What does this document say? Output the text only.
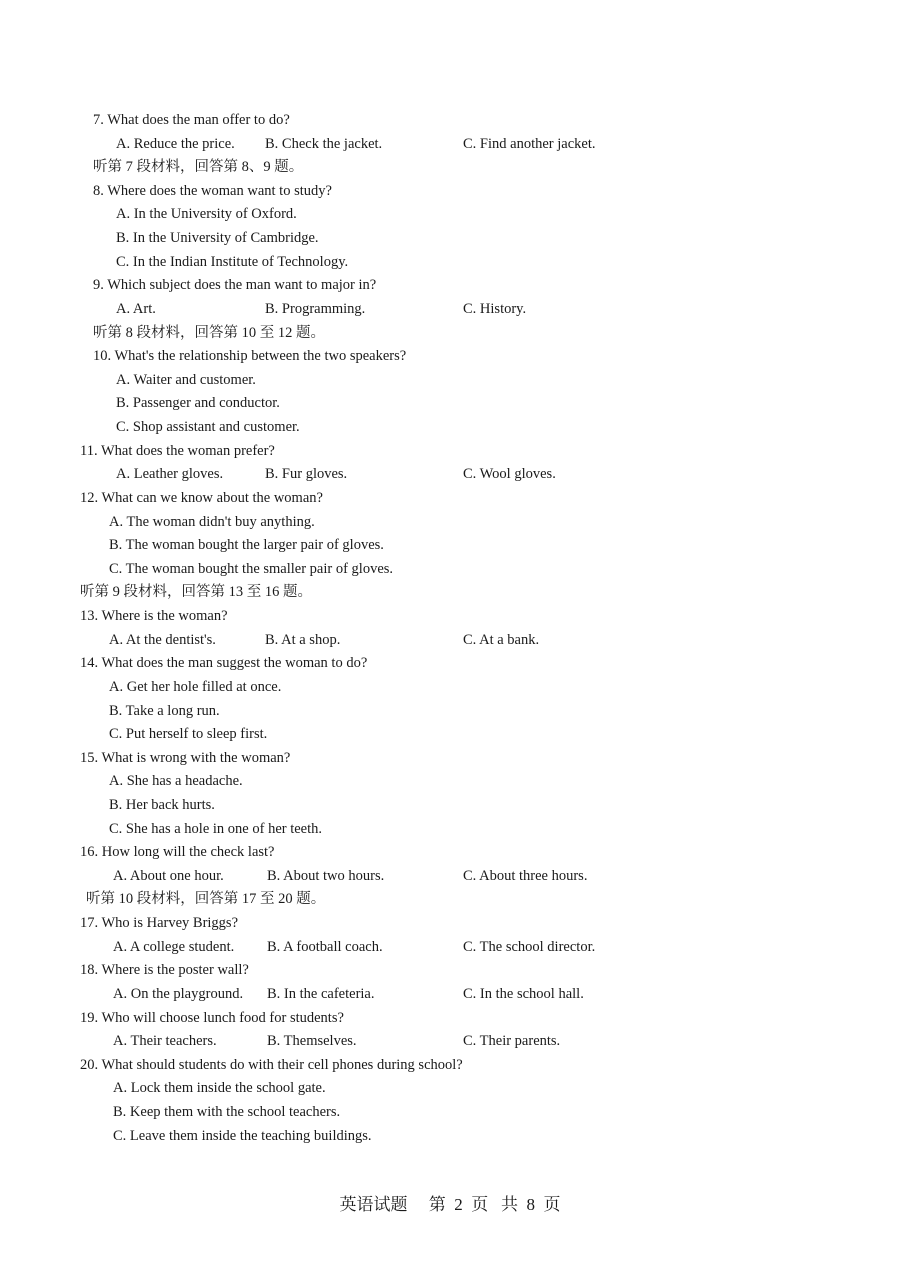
7. What does the man offer to do?
A. Reduce the price. B. Check the jacket.	C. Find another jacket.
听第 7 段材料，回答第 8、9 题。
8. Where does the woman want to study?
A. In the University of Oxford.
B. In the University of Cambridge.
C. In the Indian Institute of Technology.
9. Which subject does the man want to major in?
A. Art.	B. Programming.	C. History.
听第 8 段材料，回答第 10 至 12 题。
10. What's the relationship between the two speakers?
A. Waiter and customer.
B. Passenger and conductor.
C. Shop assistant and customer.
11. What does the woman prefer?
A. Leather gloves.	B. Fur gloves.	C. Wool gloves.
12. What can we know about the woman?
A. The woman didn't buy anything.
B. The woman bought the larger pair of gloves.
C. The woman bought the smaller pair of gloves.
听第 9 段材料，回答第 13 至 16 题。
13. Where is the woman?
A. At the dentist's.	B. At a shop.	C. At a bank.
14. What does the man suggest the woman to do?
A. Get her hole filled at once.
B. Take a long run.
C. Put herself to sleep first.
15. What is wrong with the woman?
A. She has a headache.
B. Her back hurts.
C. She has a hole in one of her teeth.
16. How long will the check last?
A. About one hour.	B. About two hours.	C. About three hours.
听第 10 段材料，回答第 17 至 20 题。
17. Who is Harvey Briggs?
A. A college student. B. A football coach.	C. The school director.
18. Where is the poster wall?
A. On the playground. B. In the cafeteria.	C. In the school hall.
19. Who will choose lunch food for students?
A. Their teachers.	B. Themselves.	C. Their parents.
20. What should students do with their cell phones during school?
A. Lock them inside the school gate.
B. Keep them with the school teachers.
C. Leave them inside the teaching buildings.
英语试题     第  2  页   共  8  页
